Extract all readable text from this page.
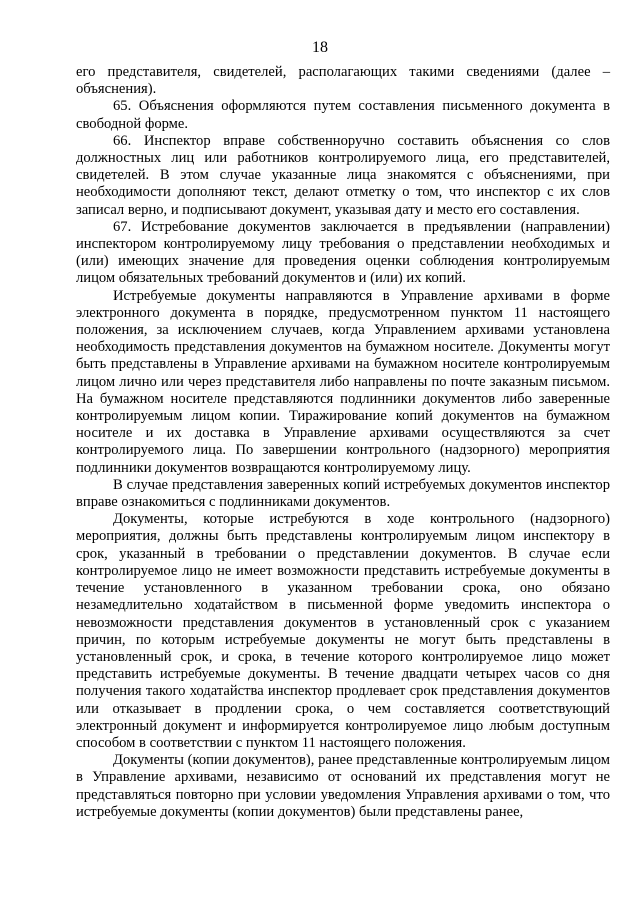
18

его представителя, свидетелей, располагающих такими сведениями (далее – объяснения).

65. Объяснения оформляются путем составления письменного документа в свободной форме.

66. Инспектор вправе собственноручно составить объяснения со слов должностных лиц или работников контролируемого лица, его представителей, свидетелей. В этом случае указанные лица знакомятся с объяснениями, при необходимости дополняют текст, делают отметку о том, что инспектор с их слов записал верно, и подписывают документ, указывая дату и место его составления.

67. Истребование документов заключается в предъявлении (направлении) инспектором контролируемому лицу требования о представлении необходимых и (или) имеющих значение для проведения оценки соблюдения контролируемым лицом обязательных требований документов и (или) их копий.

Истребуемые документы направляются в Управление архивами в форме электронного документа в порядке, предусмотренном пунктом 11 настоящего положения, за исключением случаев, когда Управлением архивами установлена необходимость представления документов на бумажном носителе. Документы могут быть представлены в Управление архивами на бумажном носителе контролируемым лицом лично или через представителя либо направлены по почте заказным письмом. На бумажном носителе представляются подлинники документов либо заверенные контролируемым лицом копии. Тиражирование копий документов на бумажном носителе и их доставка в Управление архивами осуществляются за счет контролируемого лица. По завершении контрольного (надзорного) мероприятия подлинники документов возвращаются контролируемому лицу.

В случае представления заверенных копий истребуемых документов инспектор вправе ознакомиться с подлинниками документов.

Документы, которые истребуются в ходе контрольного (надзорного) мероприятия, должны быть представлены контролируемым лицом инспектору в срок, указанный в требовании о представлении документов. В случае если контролируемое лицо не имеет возможности представить истребуемые документы в течение установленного в указанном требовании срока, оно обязано незамедлительно ходатайством в письменной форме уведомить инспектора о невозможности представления документов в установленный срок с указанием причин, по которым истребуемые документы не могут быть представлены в установленный срок, и срока, в течение которого контролируемое лицо может представить истребуемые документы. В течение двадцати четырех часов со дня получения такого ходатайства инспектор продлевает срок представления документов или отказывает в продлении срока, о чем составляется соответствующий электронный документ и информируется контролируемое лицо любым доступным способом в соответствии с пунктом 11 настоящего положения.

Документы (копии документов), ранее представленные контролируемым лицом в Управление архивами, независимо от оснований их представления могут не представляться повторно при условии уведомления Управления архивами о том, что истребуемые документы (копии документов) были представлены ранее,
